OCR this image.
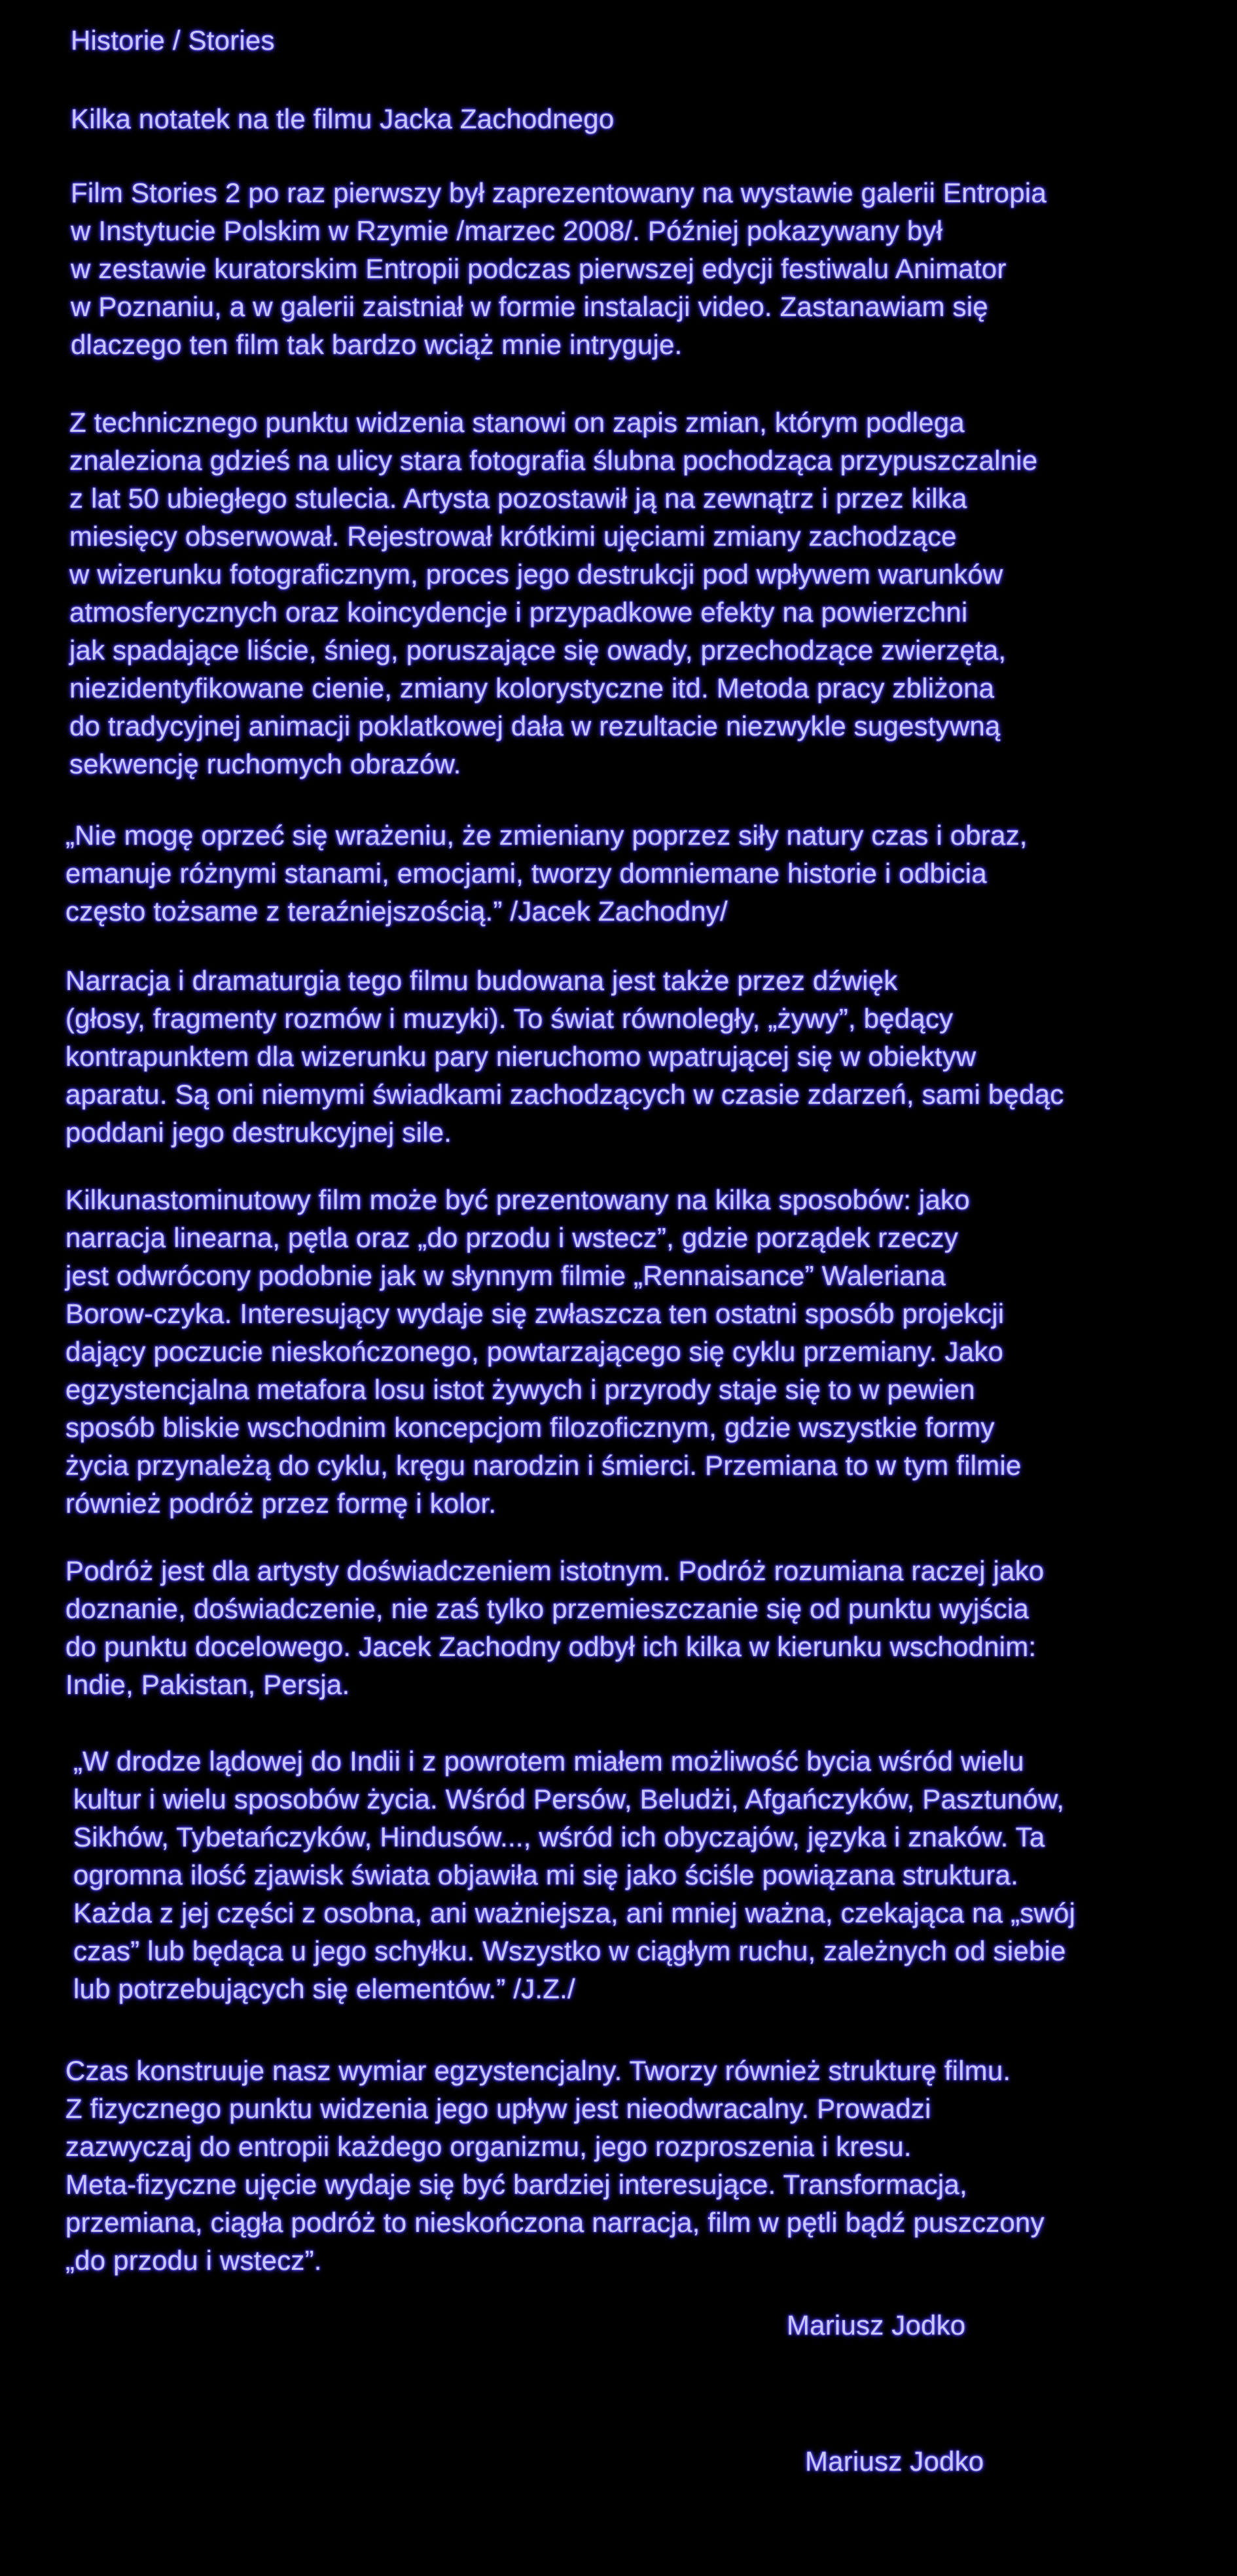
Historie / Stories
Kilka notatek na tle filmu Jacka Zachodnego
Film Stories 2 po raz pierwszy był zaprezentowany na wystawie galerii Entropia
w Instytucie Polskim w Rzymie /marzec 2008/. Później pokazywany był
w zestawie kuratorskim Entropii podczas pierwszej edycji festiwalu Animator
w Poznaniu, a w galerii zaistniał w formie instalacji video. Zastanawiam się
dlaczego ten film tak bardzo wciąż mnie intryguje.
Z technicznego punktu widzenia stanowi on zapis zmian, którym podlega
znaleziona gdzieś na ulicy stara fotografia ślubna pochodząca przypuszczalnie
z lat 50 ubiegłego stulecia. Artysta pozostawił ją na zewnątrz i przez kilka
miesięcy obserwował. Rejestrował krótkimi ujęciami zmiany zachodzące
w wizerunku fotograficznym, proces jego destrukcji pod wpływem warunków
atmosferycznych oraz koincydencje i przypadkowe efekty na powierzchni
jak spadające liście, śnieg, poruszające się owady, przechodzące zwierzęta,
niezidentyfikowane cienie, zmiany kolorystyczne itd. Metoda pracy zbliżona
do tradycyjnej animacji poklatkowej dała w rezultacie niezwykle sugestywną
sekwencję ruchomych obrazów.
„Nie mogę oprzeć się wrażeniu, że zmieniany poprzez siły natury czas i obraz,
emanuje różnymi stanami, emocjami, tworzy domniemane historie i odbicia
często tożsame z teraźniejszością.” /Jacek Zachodny/
Narracja i dramaturgia tego filmu budowana jest także przez dźwięk
(głosy, fragmenty rozmów i muzyki). To świat równoległy, „żywy”, będący
kontrapunktem dla wizerunku pary nieruchomo wpatrującej się w obiektyw
aparatu. Są oni niemymi świadkami zachodzących w czasie zdarzeń, sami będąc
poddani jego destrukcyjnej sile.
Kilkunastominutowy film może być prezentowany na kilka sposobów: jako
narracja linearna, pętla oraz „do przodu i wstecz”, gdzie porządek rzeczy
jest odwrócony podobnie jak w słynnym filmie „Rennaisance” Waleriana
Borow-czyka. Interesujący wydaje się zwłaszcza ten ostatni sposób projekcji
dający poczucie nieskończonego, powtarzającego się cyklu przemiany. Jako
egzystencjalna metafora losu istot żywych i przyrody staje się to w pewien
sposób bliskie wschodnim koncepcjom filozoficznym, gdzie wszystkie formy
życia przynależą do cyklu, kręgu narodzin i śmierci. Przemiana to w tym filmie
również podróż przez formę i kolor.
Podróż jest dla artysty doświadczeniem istotnym. Podróż rozumiana raczej jako
doznanie, doświadczenie, nie zaś tylko przemieszczanie się od punktu wyjścia
do punktu docelowego. Jacek Zachodny odbył ich kilka w kierunku wschodnim:
Indie, Pakistan, Persja.
„W drodze lądowej do Indii i z powrotem miałem możliwość bycia wśród wielu
kultur i wielu sposobów życia. Wśród Persów, Beludżi, Afgańczyków, Pasztunów,
Sikhów, Tybetańczyków, Hindusów..., wśród ich obyczajów, języka i znaków. Ta
ogromna ilość zjawisk świata objawiła mi się jako ściśle powiązana struktura.
Każda z jej części z osobna, ani ważniejsza, ani mniej ważna, czekająca na „swój
czas” lub będąca u jego schyłku. Wszystko w ciągłym ruchu, zależnych od siebie
lub potrzebujących się elementów.” /J.Z./
Czas konstruuje nasz wymiar egzystencjalny. Tworzy również strukturę filmu.
Z fizycznego punktu widzenia jego upływ jest nieodwracalny. Prowadzi
zazwyczaj do entropii każdego organizmu, jego rozproszenia i kresu.
Meta-fizyczne ujęcie wydaje się być bardziej interesujące. Transformacja,
przemiana, ciągła podróż to nieskończona narracja, film w pętli bądź puszczony
„do przodu i wstecz”.
Mariusz Jodko
Mariusz Jodko
